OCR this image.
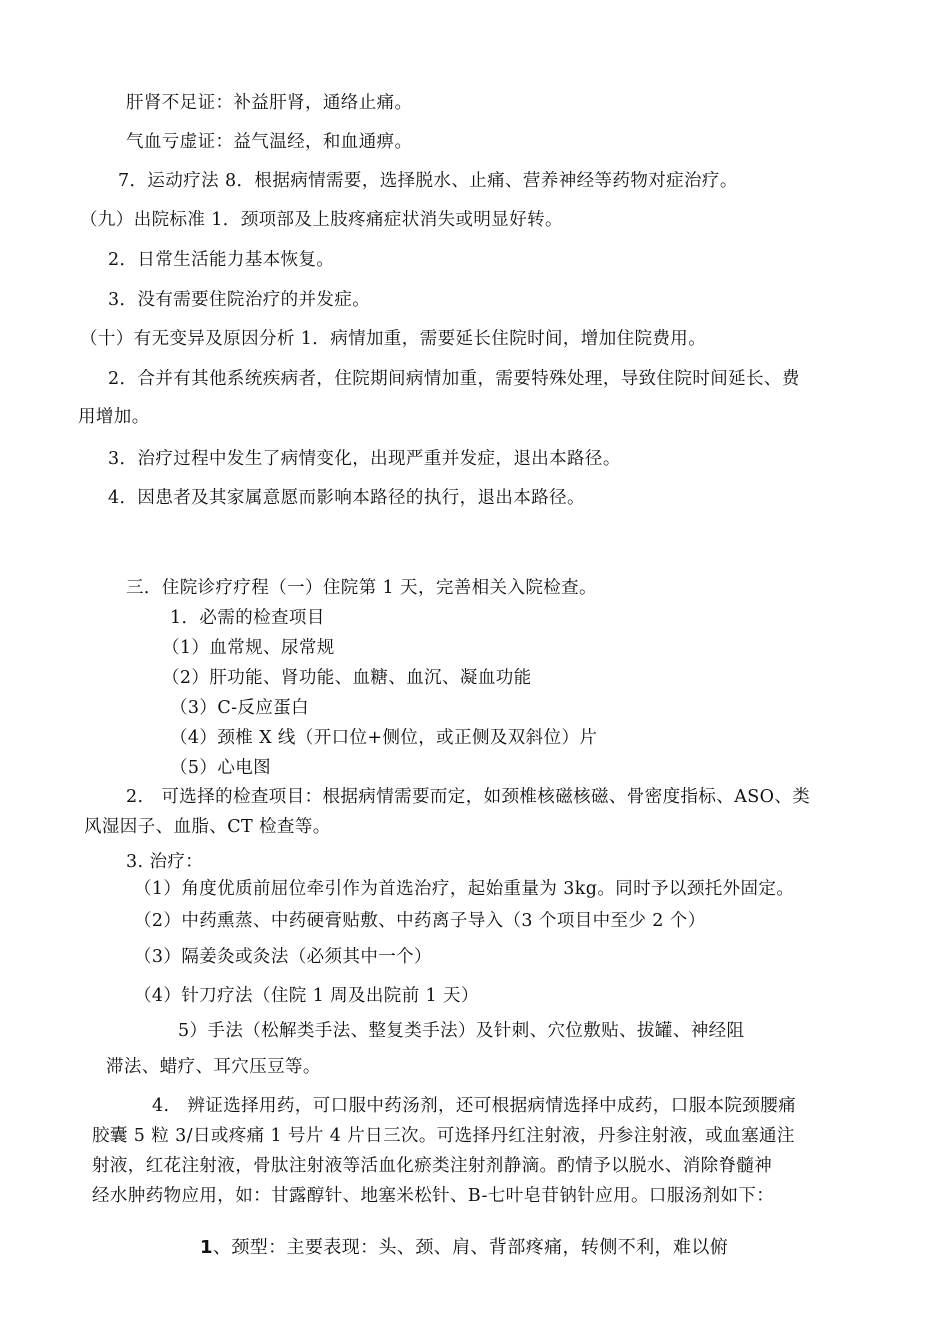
肝肾不足证：补益肝肾，通络止痛。
气血亏虚证：益气温经，和血通痹。
7．运动疗法 8．根据病情需要，选择脱水、止痛、营养神经等药物对症治疗。
（九）出院标准 1．颈项部及上肢疼痛症状消失或明显好转。
2．日常生活能力基本恢复。
3．没有需要住院治疗的并发症。
（十）有无变异及原因分析 1．病情加重，需要延长住院时间，增加住院费用。
2．合并有其他系统疾病者，住院期间病情加重，需要特殊处理，导致住院时间延长、费
用增加。
3．治疗过程中发生了病情变化，出现严重并发症，退出本路径。
4．因患者及其家属意愿而影响本路径的执行，退出本路径。
三．住院诊疗疗程（一）住院第 1 天，完善相关入院检查。
1．必需的检查项目
（1）血常规、尿常规
（2）肝功能、肾功能、血糖、血沉、凝血功能
（3）C-反应蛋白
（4）颈椎 X 线（开口位+侧位，或正侧及双斜位）片
（5）心电图
2.　可选择的检查项目：根据病情需要而定，如颈椎核磁核磁、骨密度指标、ASO、类
风湿因子、血脂、CT 检查等。
3. 治疗：
（1）角度优质前屈位牵引作为首选治疗，起始重量为 3kg。同时予以颈托外固定。
（2）中药熏蒸、中药硬膏贴敷、中药离子导入（3 个项目中至少 2 个）
（3）隔姜灸或灸法（必须其中一个）
（4）针刀疗法（住院 1 周及出院前 1 天）
5）手法（松解类手法、整复类手法）及针刺、穴位敷贴、拔罐、神经阻
滞法、蜡疗、耳穴压豆等。
4.　辨证选择用药，可口服中药汤剂，还可根据病情选择中成药，口服本院颈腰痛
胶囊 5 粒 3/日或疼痛 1 号片 4 片日三次。可选择丹红注射液，丹参注射液，或血塞通注
射液，红花注射液，骨肽注射液等活血化瘀类注射剂静滴。酌情予以脱水、消除脊髓神
经水肿药物应用，如：甘露醇针、地塞米松针、B-七叶皂苷钠针应用。口服汤剂如下：
1、颈型：主要表现：头、颈、肩、背部疼痛，转侧不利，难以俯
